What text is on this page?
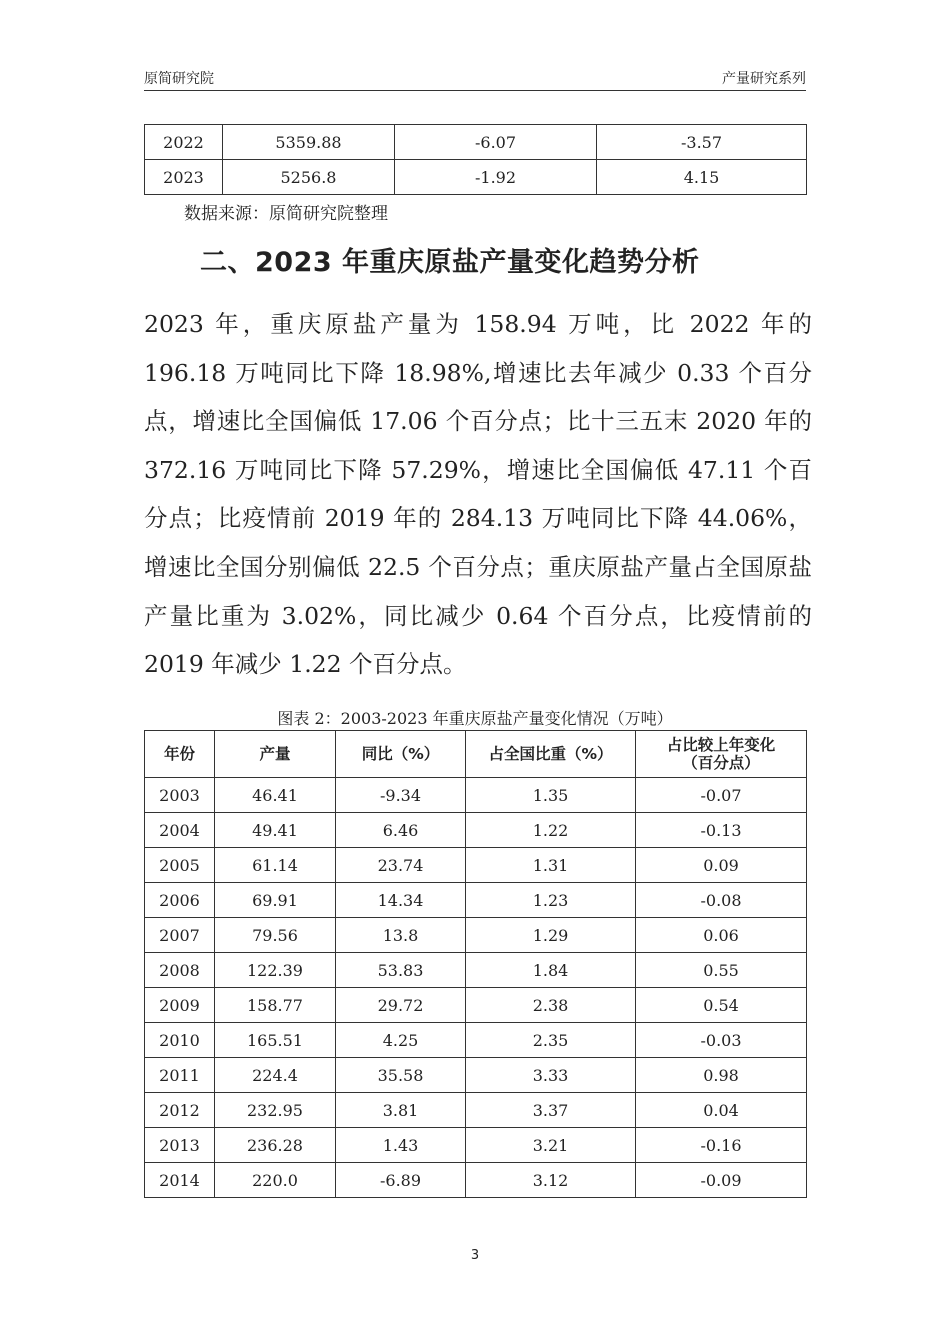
原简研究院	产量研究系列
2022	5359.88	-6.07	-3.57
2023	5256.8	-1.92	4.15
数据来源：原简研究院整理
二、2023 年重庆原盐产量变化趋势分析

2023 年，重庆原盐产量为 158.94 万吨，比 2022 年的 196.18 万吨同比下降 18.98%,增速比去年减少 0.33 个百分点，增速比全国偏低 17.06 个百分点；比十三五末 2020 年的 372.16 万吨同比下降 57.29%，增速比全国偏低 47.11 个百分点；比疫情前 2019 年的 284.13 万吨同比下降 44.06%，增速比全国分别偏低 22.5 个百分点；重庆原盐产量占全国原盐产量比重为 3.02%，同比减少 0.64 个百分点，比疫情前的 2019 年减少 1.22 个百分点。

图表 2：2003-2023 年重庆原盐产量变化情况（万吨）
年份	产量	同比（%）	占全国比重（%）	占比较上年变化（百分点）
2003	46.41	-9.34	1.35	-0.07
2004	49.41	6.46	1.22	-0.13
2005	61.14	23.74	1.31	0.09
2006	69.91	14.34	1.23	-0.08
2007	79.56	13.8	1.29	0.06
2008	122.39	53.83	1.84	0.55
2009	158.77	29.72	2.38	0.54
2010	165.51	4.25	2.35	-0.03
2011	224.4	35.58	3.33	0.98
2012	232.95	3.81	3.37	0.04
2013	236.28	1.43	3.21	-0.16
2014	220.0	-6.89	3.12	-0.09
3
